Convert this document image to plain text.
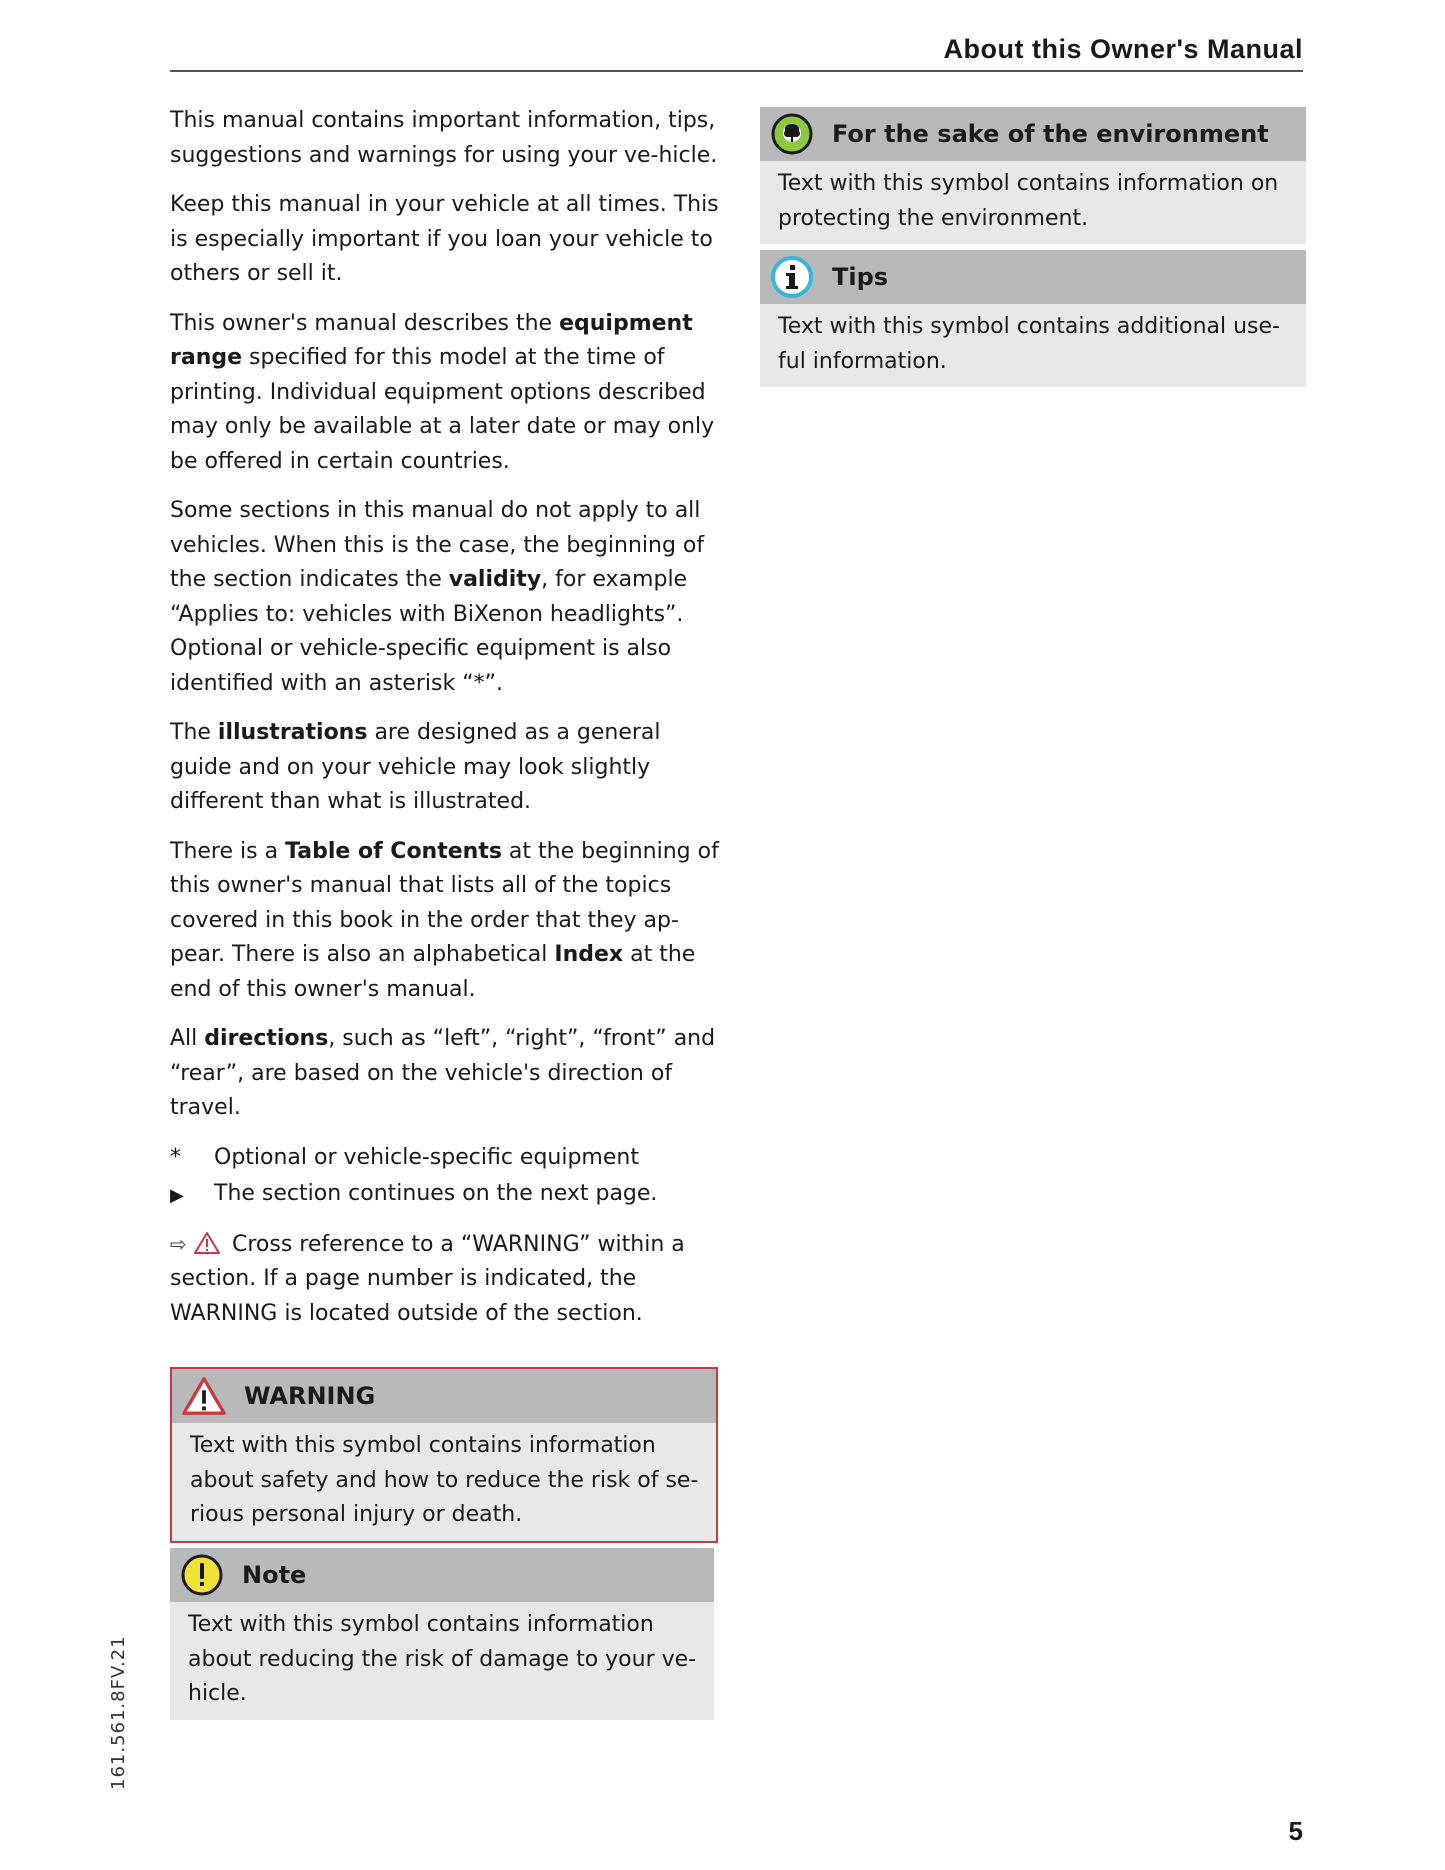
About this Owner's Manual

This manual contains important information, tips, suggestions and warnings for using your ve-hicle.

Keep this manual in your vehicle at all times. This is especially important if you loan your vehicle to others or sell it.

This owner's manual describes the equipment range specified for this model at the time of printing. Individual equipment options described may only be available at a later date or may only be offered in certain countries.

Some sections in this manual do not apply to all vehicles. When this is the case, the beginning of the section indicates the validity, for example “Applies to: vehicles with BiXenon headlights”. Optional or vehicle-specific equipment is also identified with an asterisk “*”.

The illustrations are designed as a general guide and on your vehicle may look slightly different than what is illustrated.

There is a Table of Contents at the beginning of this owner's manual that lists all of the topics covered in this book in the order that they ap-pear. There is also an alphabetical Index at the end of this owner's manual.

All directions, such as “left”, “right”, “front” and “rear”, are based on the vehicle's direction of travel.

*	Optional or vehicle-specific equipment
▶	The section continues on the next page.

⇨ Cross reference to a “WARNING” within a section. If a page number is indicated, the WARNING is located outside of the section.

WARNING
Text with this symbol contains information about safety and how to reduce the risk of se-rious personal injury or death.
Note
Text with this symbol contains information about reducing the risk of damage to your ve-hicle.
For the sake of the environment
Text with this symbol contains information on protecting the environment.
Tips
Text with this symbol contains additional use-ful information.
161.561.8FV.21
5
